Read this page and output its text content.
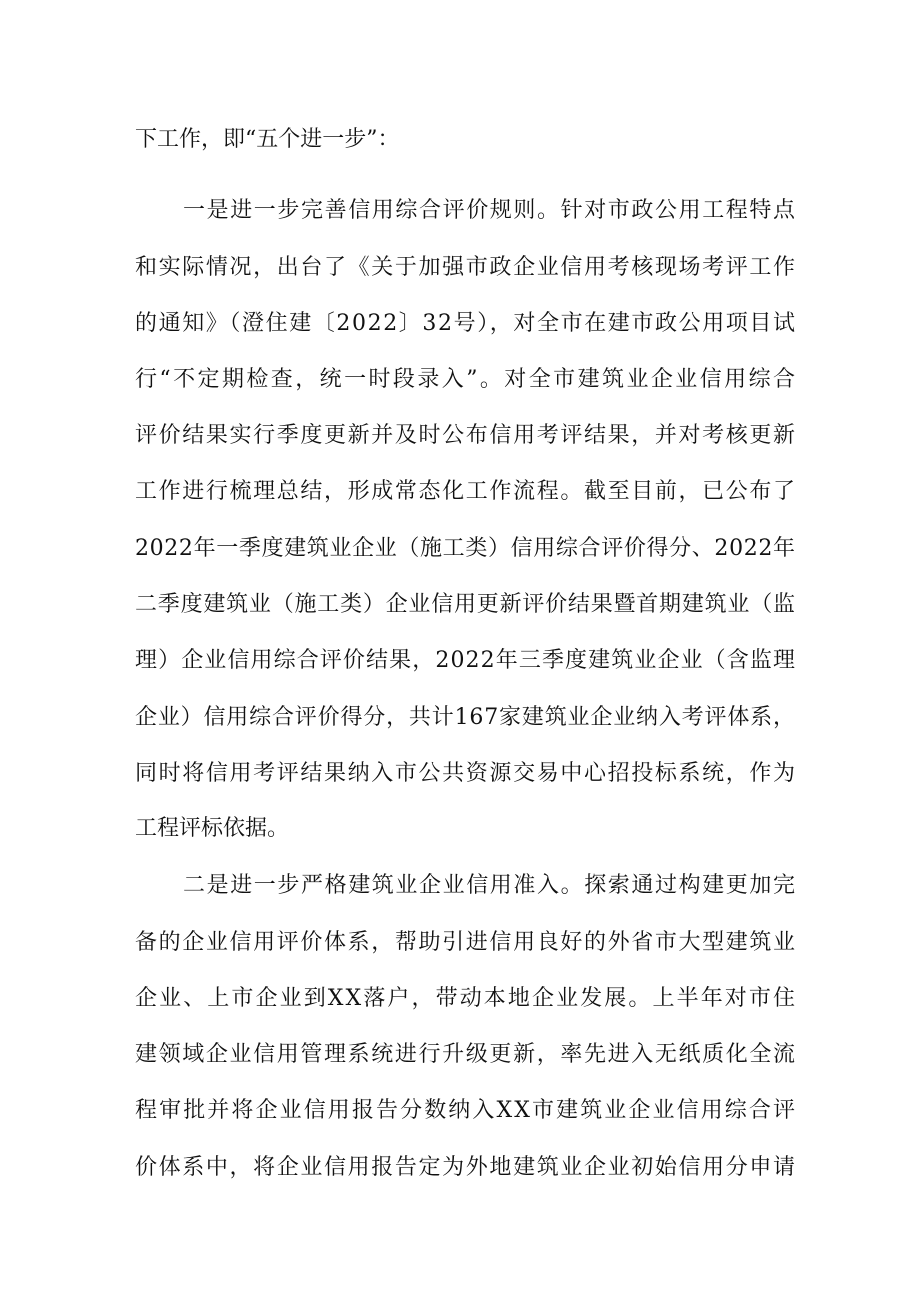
下工作，即“五个进一步”：
一是进一步完善信用综合评价规则。针对市政公用工程特点
和实际情况，出台了《关于加强市政企业信用考核现场考评工作
的通知》（澄住建〔2022〕32号），对全市在建市政公用项目试
行“不定期检查，统一时段录入”。对全市建筑业企业信用综合
评价结果实行季度更新并及时公布信用考评结果，并对考核更新
工作进行梳理总结，形成常态化工作流程。截至目前，已公布了
2022年一季度建筑业企业（施工类）信用综合评价得分、2022年
二季度建筑业（施工类）企业信用更新评价结果暨首期建筑业（监
理）企业信用综合评价结果，2022年三季度建筑业企业（含监理
企业）信用综合评价得分，共计167家建筑业企业纳入考评体系，
同时将信用考评结果纳入市公共资源交易中心招投标系统，作为
工程评标依据。
二是进一步严格建筑业企业信用准入。探索通过构建更加完
备的企业信用评价体系，帮助引进信用良好的外省市大型建筑业
企业、上市企业到XX落户，带动本地企业发展。上半年对市住
建领域企业信用管理系统进行升级更新，率先进入无纸质化全流
程审批并将企业信用报告分数纳入XX市建筑业企业信用综合评
价体系中，将企业信用报告定为外地建筑业企业初始信用分申请
